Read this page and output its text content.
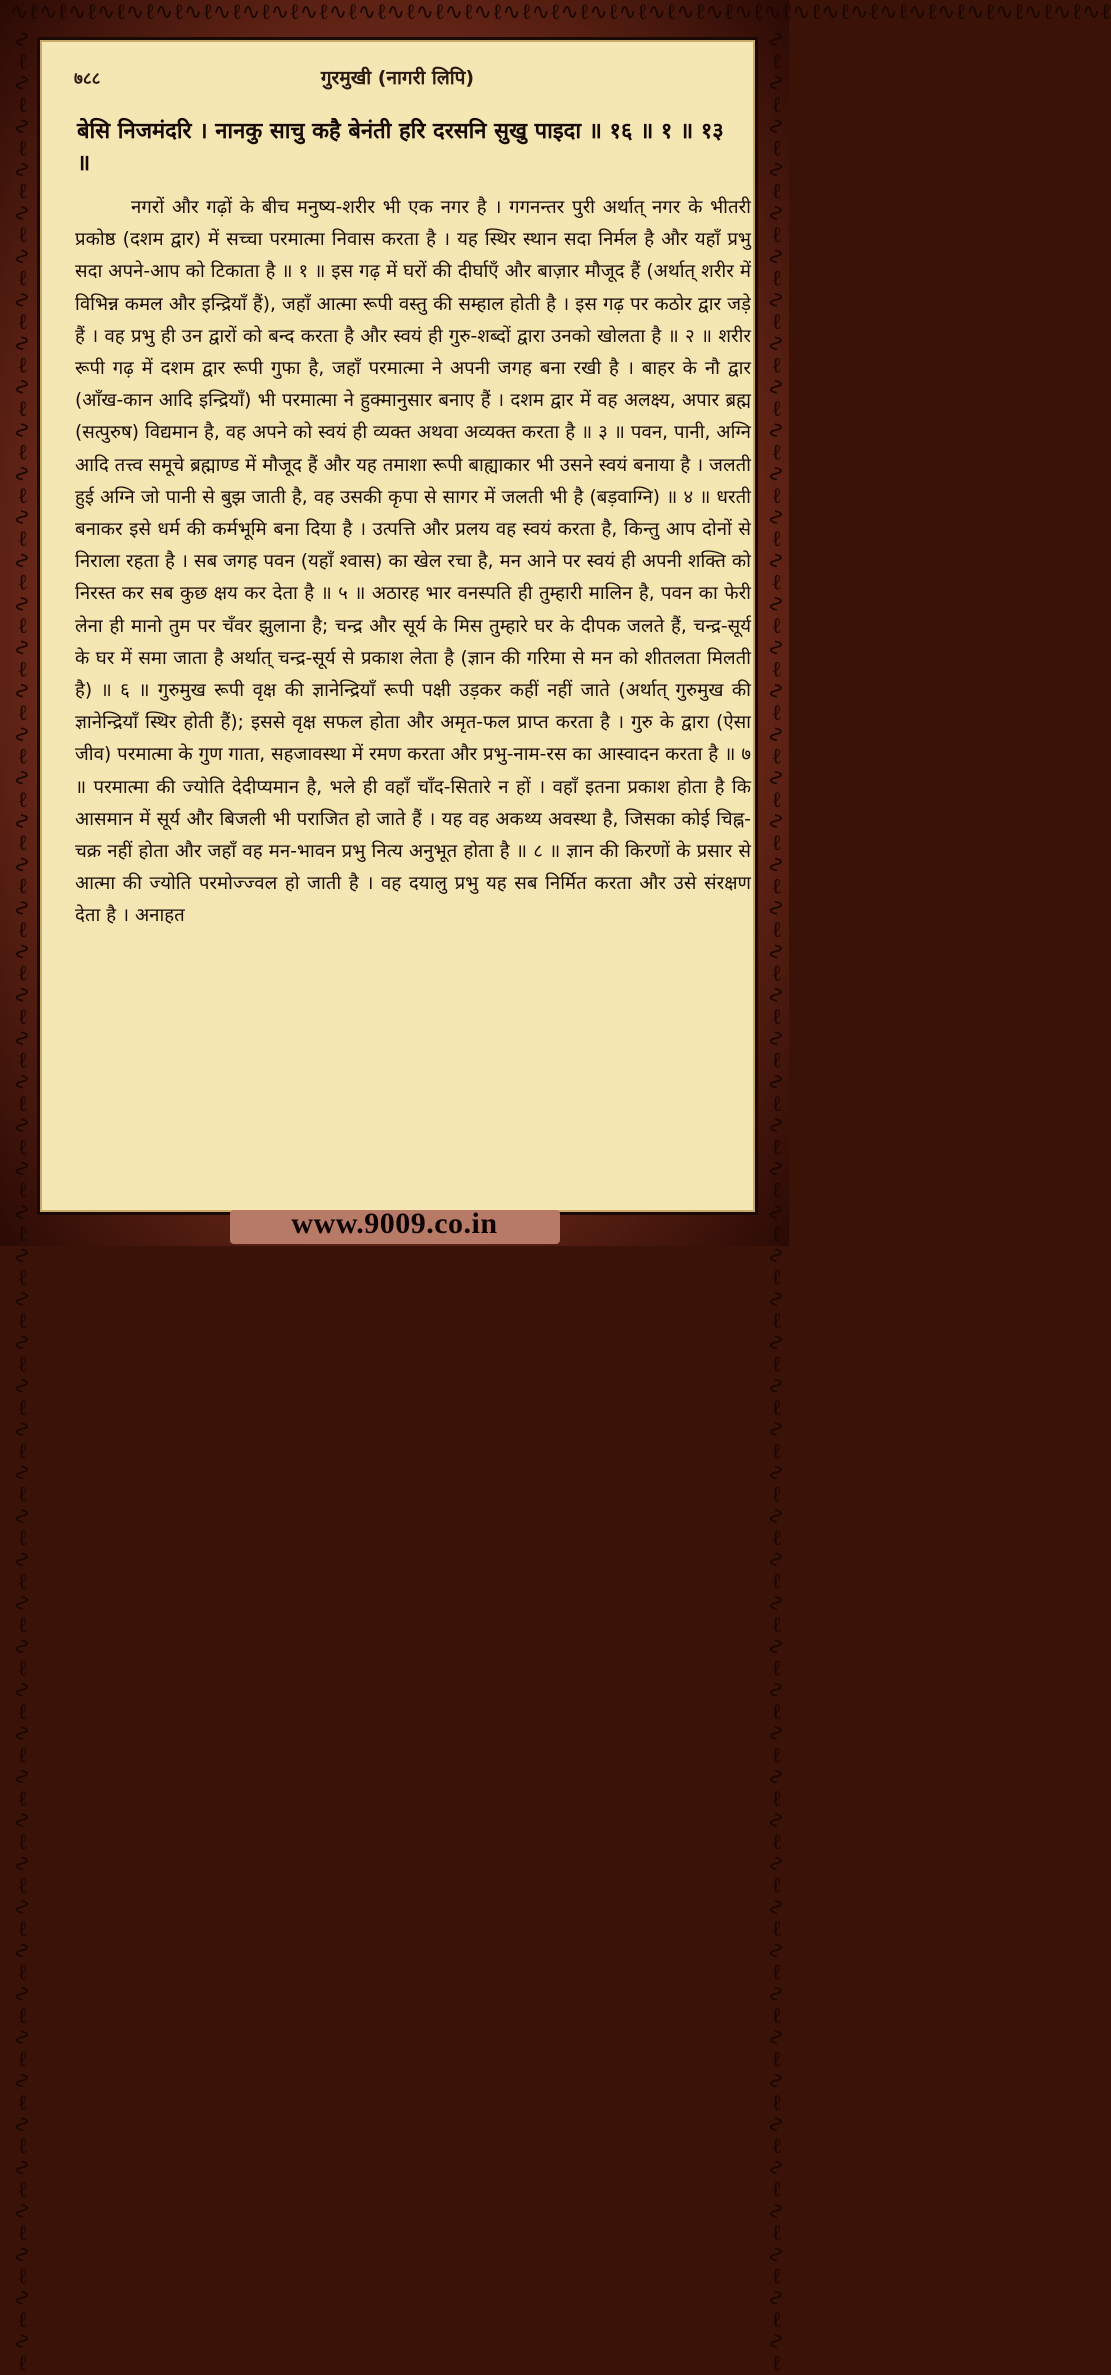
∿ℓ∿ℓ∿ℓ∿ℓ∿ℓ∿ℓ∿ℓ∿ℓ∿ℓ∿ℓ∿ℓ∿ℓ∿ℓ∿ℓ∿ℓ∿ℓ∿ℓ∿ℓ∿ℓ∿ℓ∿ℓ∿ℓ∿ℓ∿ℓ∿ℓ∿ℓ∿ℓ∿ℓ∿ℓ∿ℓ∿ℓ∿ℓ∿ℓ∿ℓ∿ℓ∿ℓ∿ℓ∿ℓ
∿ℓ∿ℓ∿ℓ∿ℓ∿ℓ∿ℓ∿ℓ∿ℓ∿ℓ∿ℓ∿ℓ∿ℓ∿ℓ∿ℓ∿ℓ∿ℓ∿ℓ∿ℓ∿ℓ∿ℓ∿ℓ∿ℓ∿ℓ∿ℓ∿ℓ∿ℓ∿ℓ∿ℓ∿ℓ∿ℓ∿ℓ∿ℓ∿ℓ∿ℓ∿ℓ∿ℓ∿ℓ∿ℓ∿ℓ∿ℓ∿ℓ∿ℓ∿ℓ∿ℓ∿ℓ∿ℓ∿ℓ∿ℓ∿ℓ∿ℓ∿ℓ∿ℓ∿ℓ∿ℓ	∿ℓ∿ℓ∿ℓ∿ℓ∿ℓ∿ℓ∿ℓ∿ℓ∿ℓ∿ℓ∿ℓ∿ℓ∿ℓ∿ℓ∿ℓ∿ℓ∿ℓ∿ℓ∿ℓ∿ℓ∿ℓ∿ℓ∿ℓ∿ℓ∿ℓ∿ℓ∿ℓ∿ℓ∿ℓ∿ℓ∿ℓ∿ℓ∿ℓ∿ℓ∿ℓ∿ℓ∿ℓ∿ℓ∿ℓ∿ℓ∿ℓ∿ℓ∿ℓ∿ℓ∿ℓ∿ℓ∿ℓ∿ℓ∿ℓ∿ℓ∿ℓ∿ℓ∿ℓ∿ℓ
७८८	गुरमुखी (नागरी लिपि)
बेसि निजमंदरि । नानकु साचु कहै बेनंती हरि दरसनि सुखु पाइदा ॥ १६ ॥ १ ॥ १३ ॥
नगरों और गढ़ों के बीच मनुष्य-शरीर भी एक नगर है । गगनन्तर पुरी अर्थात् नगर के भीतरी प्रकोष्ठ (दशम द्वार) में सच्चा परमात्मा निवास करता है । यह स्थिर स्थान सदा निर्मल है और यहाँ प्रभु सदा अपने-आप को टिकाता है ॥ १ ॥ इस गढ़ में घरों की दीर्घाएँ और बाज़ार मौजूद हैं (अर्थात् शरीर में विभिन्न कमल और इन्द्रियाँ हैं), जहाँ आत्मा रूपी वस्तु की सम्हाल होती है । इस गढ़ पर कठोर द्वार जड़े हैं । वह प्रभु ही उन द्वारों को बन्द करता है और स्वयं ही गुरु-शब्दों द्वारा उनको खोलता है ॥ २ ॥ शरीर रूपी गढ़ में दशम द्वार रूपी गुफा है, जहाँ परमात्मा ने अपनी जगह बना रखी है । बाहर के नौ द्वार (आँख-कान आदि इन्द्रियाँ) भी परमात्मा ने हुक्मानुसार बनाए हैं । दशम द्वार में वह अलक्ष्य, अपार ब्रह्म (सत्पुरुष) विद्यमान है, वह अपने को स्वयं ही व्यक्त अथवा अव्यक्त करता है ॥ ३ ॥ पवन, पानी, अग्नि आदि तत्त्व समूचे ब्रह्माण्ड में मौजूद हैं और यह तमाशा रूपी बाह्याकार भी उसने स्वयं बनाया है । जलती हुई अग्नि जो पानी से बुझ जाती है, वह उसकी कृपा से सागर में जलती भी है (बड़वाग्नि) ॥ ४ ॥ धरती बनाकर इसे धर्म की कर्मभूमि बना दिया है । उत्पत्ति और प्रलय वह स्वयं करता है, किन्तु आप दोनों से निराला रहता है । सब जगह पवन (यहाँ श्वास) का खेल रचा है, मन आने पर स्वयं ही अपनी शक्ति को निरस्त कर सब कुछ क्षय कर देता है ॥ ५ ॥ अठारह भार वनस्पति ही तुम्हारी मालिन है, पवन का फेरी लेना ही मानो तुम पर चँवर झुलाना है; चन्द्र और सूर्य के मिस तुम्हारे घर के दीपक जलते हैं, चन्द्र-सूर्य के घर में समा जाता है अर्थात् चन्द्र-सूर्य से प्रकाश लेता है (ज्ञान की गरिमा से मन को शीतलता मिलती है) ॥ ६ ॥ गुरुमुख रूपी वृक्ष की ज्ञानेन्द्रियाँ रूपी पक्षी उड़कर कहीं नहीं जाते (अर्थात् गुरुमुख की ज्ञानेन्द्रियाँ स्थिर होती हैं); इससे वृक्ष सफल होता और अमृत-फल प्राप्त करता है । गुरु के द्वारा (ऐसा जीव) परमात्मा के गुण गाता, सहजावस्था में रमण करता और प्रभु-नाम-रस का आस्वादन करता है ॥ ७ ॥ परमात्मा की ज्योति देदीप्यमान है, भले ही वहाँ चाँद-सितारे न हों । वहाँ इतना प्रकाश होता है कि आसमान में सूर्य और बिजली भी पराजित हो जाते हैं । यह वह अकथ्य अवस्था है, जिसका कोई चिह्न-चक्र नहीं होता और जहाँ वह मन-भावन प्रभु नित्य अनुभूत होता है ॥ ८ ॥ ज्ञान की किरणों के प्रसार से आत्मा की ज्योति परमोज्ज्वल हो जाती है । वह दयालु प्रभु यह सब निर्मित करता और उसे संरक्षण देता है । अनाहत
www.9009.co.in
